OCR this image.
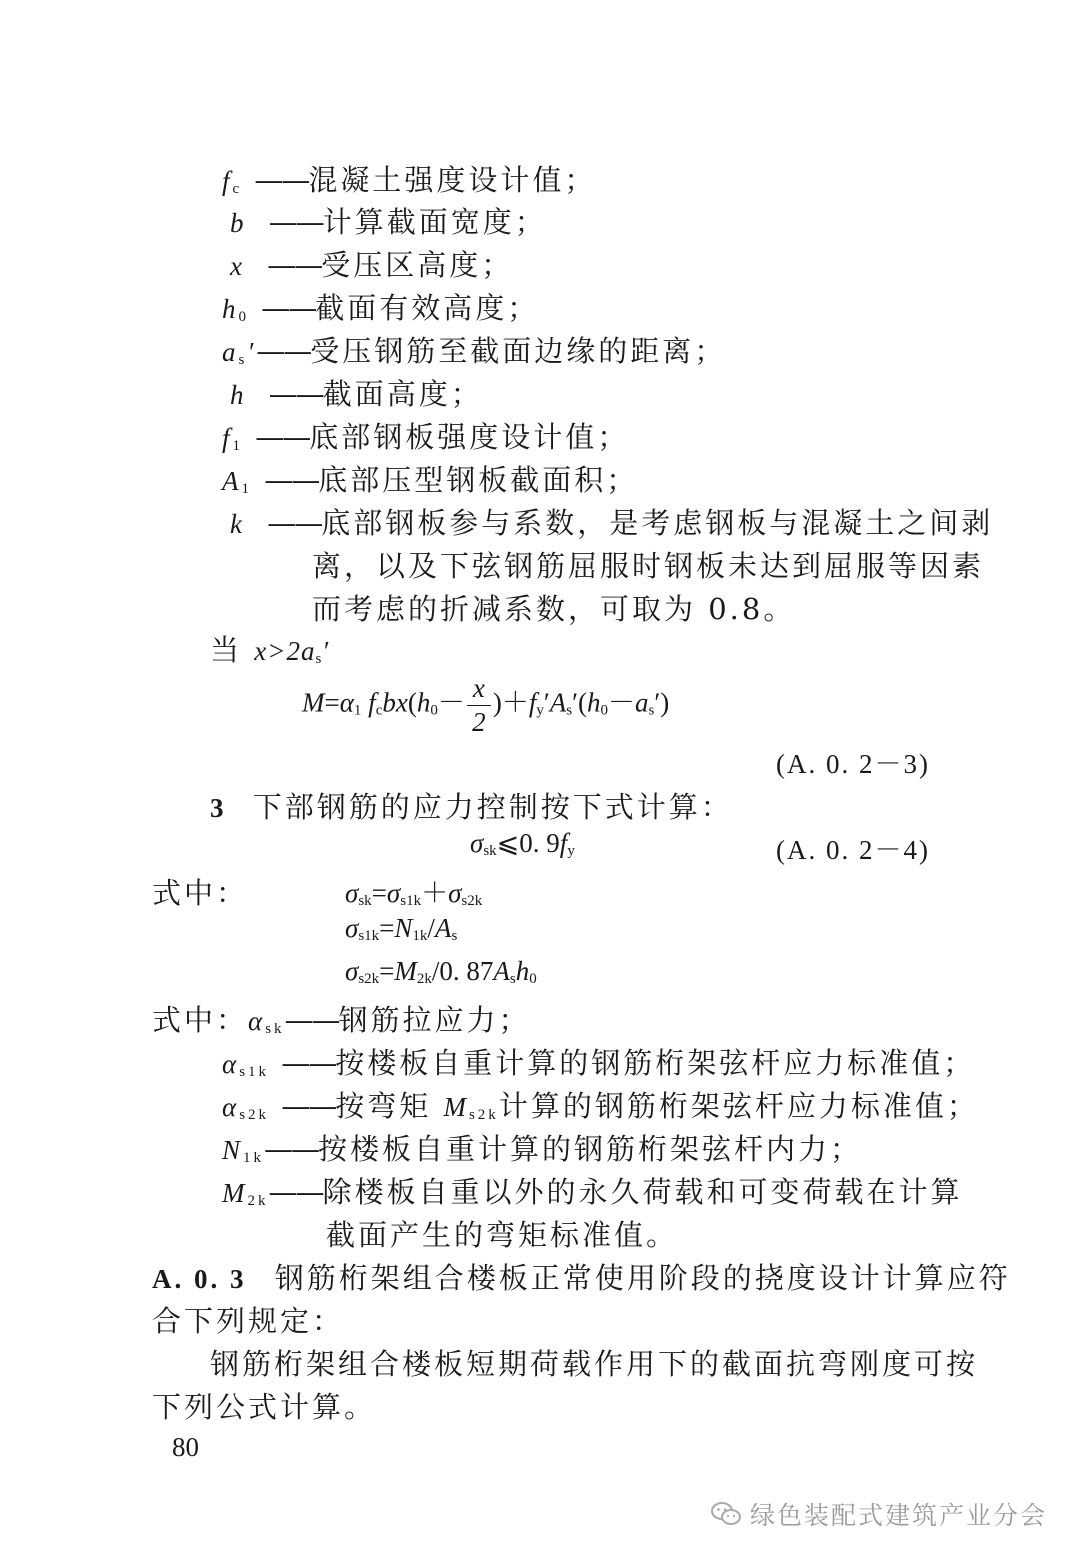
$f_c$ ——混凝土强度设计值；
b ——计算截面宽度；
x ——受压区高度；
$h_0$ ——截面有效高度；
$a_s'——$受压钢筋至截面边缘的距离；
h ——截面高度；
$f_1$ ——底部钢板强度设计值；
$A_1$ ——底部压型钢板截面积；
k ——底部钢板参与系数，是考虑钢板与混凝土之间剥
离，以及下弦钢筋屈服时钢板未达到屈服等因素
而考虑的折减系数，可取为 0.8。
当 $x>2a_s'$
$M=\alpha_1$ $f_cbx(h_0- \frac{x}{2} )+f_y'A_s'(h_0-a_s')$
(A. 0. 2－3)
3 下部钢筋的应力控制按下式计算：
$\sigma_{sk}⩽0$. $9f_y$	(A. 0. 2－4)
式中：	$\sigma_{sk}=\sigma_{s1k}+\sigma_{s2k}$
$\sigma_{s1k}=N_{1k}/A_s$
$\sigma_{s2k}=M_{2k}/0$. $87A_sh_0$
式中：$\alpha_{sk}——$钢筋拉应力；
$\alpha_{s1k}$ ——按楼板自重计算的钢筋桁架弦杆应力标准值；
$\alpha_{s2k}$ ——按弯矩 $M_{s2k}$计算的钢筋桁架弦杆应力标准值；
$N_{1k}——$按楼板自重计算的钢筋桁架弦杆内力；
$M_{2k}——$除楼板自重以外的永久荷载和可变荷载在计算
截面产生的弯矩标准值。
A. 0. 3 钢筋桁架组合楼板正常使用阶段的挠度设计计算应符
合下列规定：
钢筋桁架组合楼板短期荷载作用下的截面抗弯刚度可按
下列公式计算。
80
绿色装配式建筑产业分会
